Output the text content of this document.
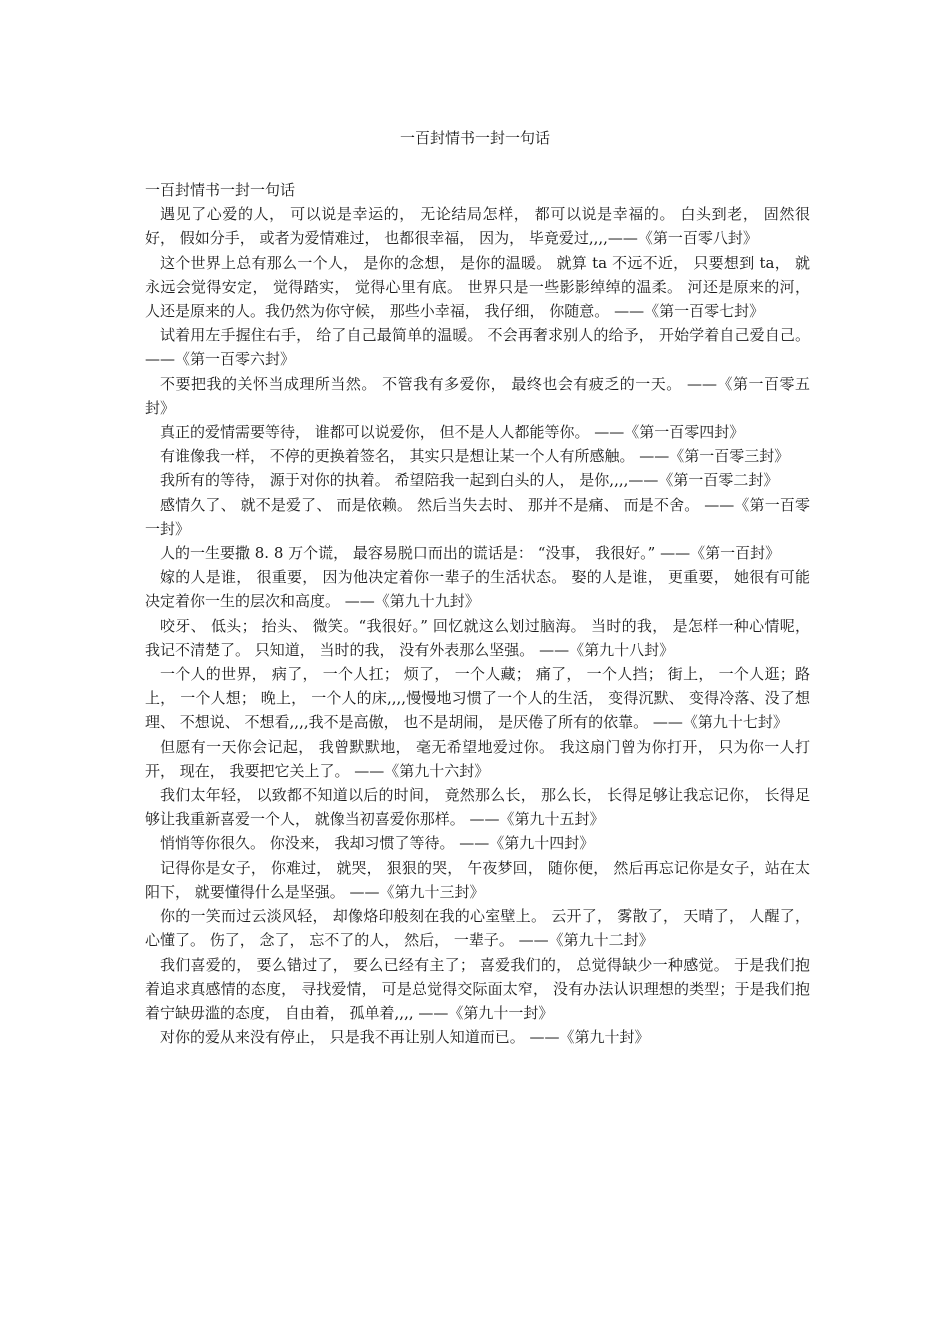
一百封情书一封一句话

一百封情书一封一句话

遇见了心爱的人， 可以说是幸运的， 无论结局怎样， 都可以说是幸福的。 白头到老， 固然很好， 假如分手， 或者为爱情难过， 也都很幸福， 因为， 毕竟爱过,,,,——《第一百零八封》

这个世界上总有那么一个人， 是你的念想， 是你的温暖。 就算 ta 不远不近， 只要想到 ta， 就永远会觉得安定， 觉得踏实， 觉得心里有底。 世界只是一些影影绰绰的温柔。 河还是原来的河， 人还是原来的人。我仍然为你守候， 那些小幸福， 我仔细， 你随意。 ——《第一百零七封》

试着用左手握住右手， 给了自己最简单的温暖。 不会再奢求别人的给予， 开始学着自己爱自己。 ——《第一百零六封》

不要把我的关怀当成理所当然。 不管我有多爱你， 最终也会有疲乏的一天。 ——《第一百零五封》

真正的爱情需要等待， 谁都可以说爱你， 但不是人人都能等你。 ——《第一百零四封》

有谁像我一样， 不停的更换着签名， 其实只是想让某一个人有所感触。 ——《第一百零三封》

我所有的等待， 源于对你的执着。 希望陪我一起到白头的人， 是你,,,,——《第一百零二封》

感情久了、 就不是爱了、 而是依赖。 然后当失去时、 那并不是痛、 而是不舍。 ——《第一百零一封》

人的一生要撒 8. 8 万个谎， 最容易脱口而出的谎话是： “没事， 我很好。” ——《第一百封》

嫁的人是谁， 很重要， 因为他决定着你一辈子的生活状态。 娶的人是谁， 更重要， 她很有可能决定着你一生的层次和高度。 ——《第九十九封》

咬牙、 低头； 抬头、 微笑。“我很好。” 回忆就这么划过脑海。 当时的我， 是怎样一种心情呢， 我记不清楚了。 只知道， 当时的我， 没有外表那么坚强。 ——《第九十八封》

一个人的世界， 病了， 一个人扛； 烦了， 一个人藏； 痛了， 一个人挡； 街上， 一个人逛；路上， 一个人想； 晚上， 一个人的床,,,,慢慢地习惯了一个人的生活， 变得沉默、 变得冷落、没了想理、 不想说、 不想看,,,,我不是高傲， 也不是胡闹， 是厌倦了所有的依靠。 ——《第九十七封》

但愿有一天你会记起， 我曾默默地， 毫无希望地爱过你。 我这扇门曾为你打开， 只为你一人打开， 现在， 我要把它关上了。 ——《第九十六封》

我们太年轻， 以致都不知道以后的时间， 竟然那么长， 那么长， 长得足够让我忘记你， 长得足够让我重新喜爱一个人， 就像当初喜爱你那样。 ——《第九十五封》

悄悄等你很久。 你没来， 我却习惯了等待。 ——《第九十四封》

记得你是女子， 你难过， 就哭， 狠狠的哭， 午夜梦回， 随你便， 然后再忘记你是女子，站在太阳下， 就要懂得什么是坚强。 ——《第九十三封》

你的一笑而过云淡风轻， 却像烙印般刻在我的心室壁上。 云开了， 雾散了， 天晴了， 人醒了， 心懂了。 伤了， 念了， 忘不了的人， 然后， 一辈子。 ——《第九十二封》

我们喜爱的， 要么错过了， 要么已经有主了； 喜爱我们的， 总觉得缺少一种感觉。 于是我们抱着追求真感情的态度， 寻找爱情， 可是总觉得交际面太窄， 没有办法认识理想的类型；于是我们抱着宁缺毋滥的态度， 自由着， 孤单着,,,, ——《第九十一封》

对你的爱从来没有停止， 只是我不再让别人知道而已。 ——《第九十封》
